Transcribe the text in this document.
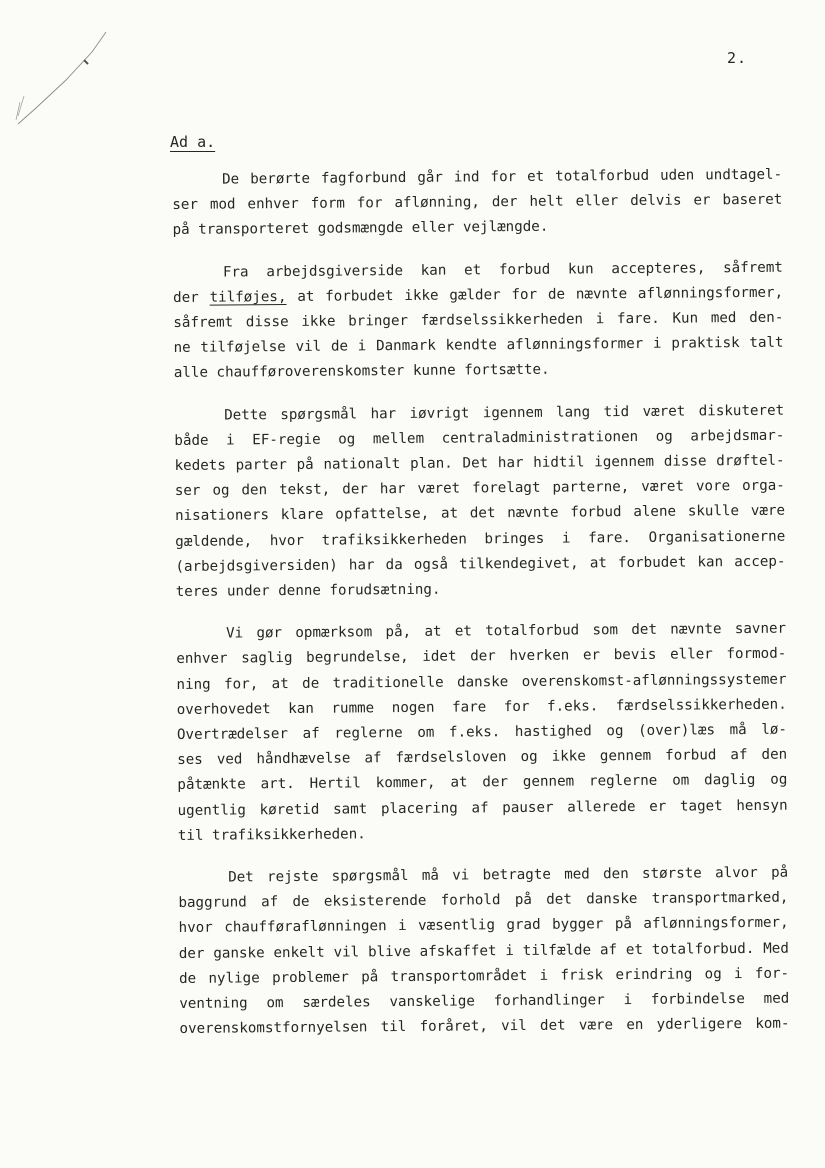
2.
Ad a.

De berørte fagforbund går ind for et totalforbud uden undtagel-
ser mod enhver form for aflønning, der helt eller delvis er baseret
på transporteret godsmængde eller vejlængde.

Fra arbejdsgiverside kan et forbud kun accepteres, såfremt
der tilføjes, at forbudet ikke gælder for de nævnte aflønningsformer,
såfremt disse ikke bringer færdselssikkerheden i fare. Kun med den-
ne tilføjelse vil de i Danmark kendte aflønningsformer i praktisk talt
alle chaufføroverenskomster kunne fortsætte.

Dette spørgsmål har iøvrigt igennem lang tid været diskuteret
både i EF-regie og mellem centraladministrationen og arbejdsmar-
kedets parter på nationalt plan. Det har hidtil igennem disse drøftel-
ser og den tekst, der har været forelagt parterne, været vore orga-
nisationers klare opfattelse, at det nævnte forbud alene skulle være
gældende, hvor trafiksikkerheden bringes i fare. Organisationerne
(arbejdsgiversiden) har da også tilkendegivet, at forbudet kan accep-
teres under denne forudsætning.

Vi gør opmærksom på, at et totalforbud som det nævnte savner
enhver saglig begrundelse, idet der hverken er bevis eller formod-
ning for, at de traditionelle danske overenskomst-aflønningssystemer
overhovedet kan rumme nogen fare for f.eks. færdselssikkerheden.
Overtrædelser af reglerne om f.eks. hastighed og (over)læs må lø-
ses ved håndhævelse af færdselsloven og ikke gennem forbud af den
påtænkte art. Hertil kommer, at der gennem reglerne om daglig og
ugentlig køretid samt placering af pauser allerede er taget hensyn
til trafiksikkerheden.

Det rejste spørgsmål må vi betragte med den største alvor på
baggrund af de eksisterende forhold på det danske transportmarked,
hvor chaufføraflønningen i væsentlig grad bygger på aflønningsformer,
der ganske enkelt vil blive afskaffet i tilfælde af et totalforbud. Med
de nylige problemer på transportområdet i frisk erindring og i for-
ventning om særdeles vanskelige forhandlinger i forbindelse med
overenskomstfornyelsen til foråret, vil det være en yderligere kom-
